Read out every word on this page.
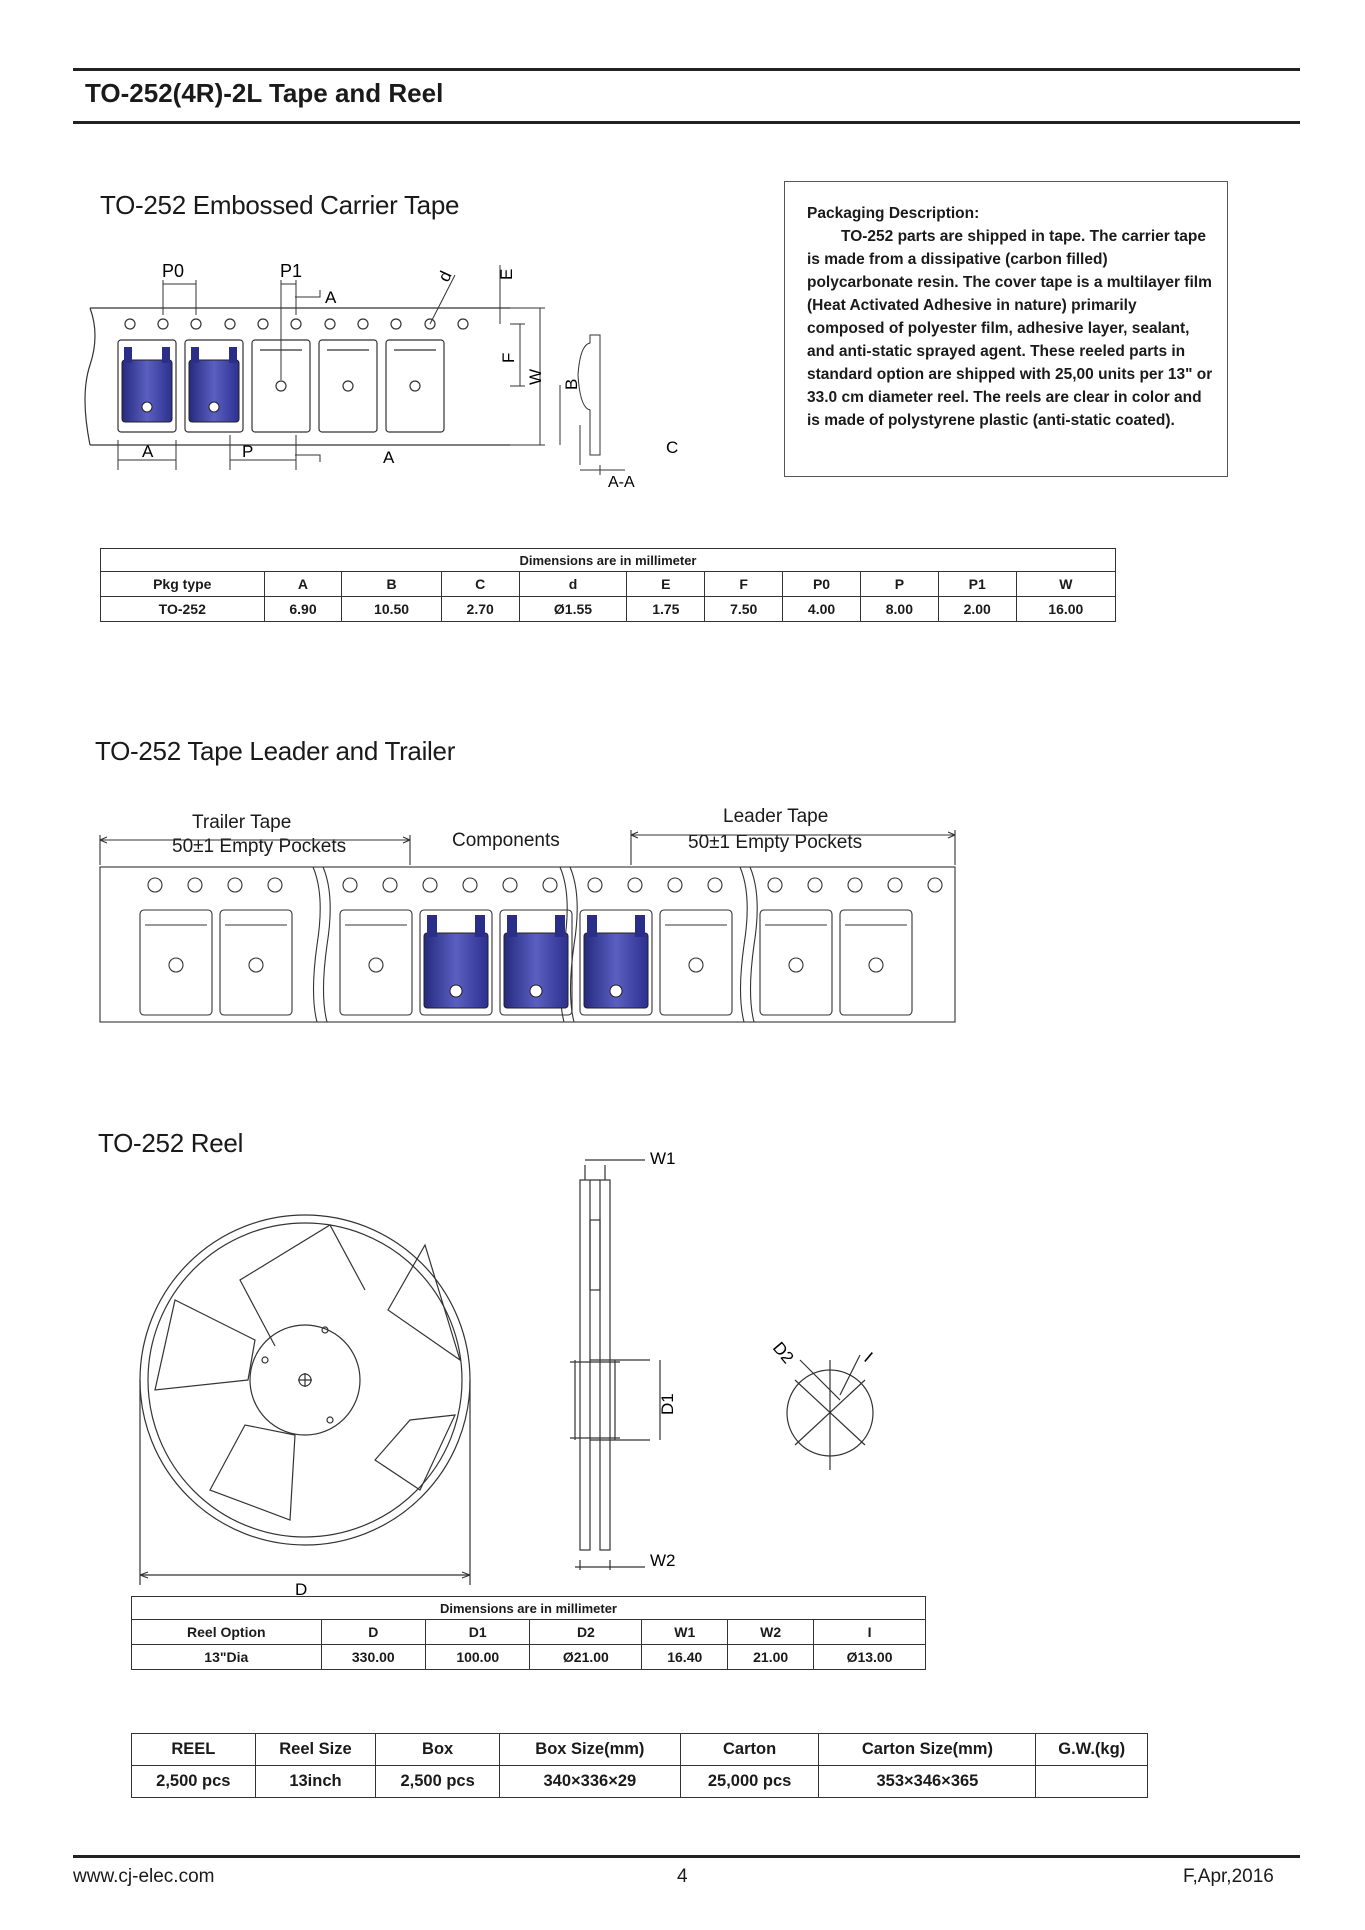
TO-252(4R)-2L Tape and Reel
TO-252 Embossed Carrier Tape
P0	P1	d E
A
F
W B
C
A	P	A
A-A
Packaging Description:
TO-252 parts are shipped in tape. The carrier tape is made from a dissipative (carbon filled) polycarbonate resin. The cover tape is a multilayer film (Heat Activated Adhesive in nature) primarily composed of polyester film, adhesive layer, sealant, and anti-static sprayed agent. These reeled parts in standard option are shipped with 25,00 units per 13" or 33.0 cm diameter reel. The reels are clear in color and is made of polystyrene plastic (anti-static coated).
Dimensions are in millimeter										
Pkg type	A	B	C	d	E	F	P0	P	P1	W
TO-252	6.90	10.50	2.70	Ø1.55	1.75	7.50	4.00	8.00	2.00	16.00
TO-252 Tape Leader and Trailer
Trailer Tape
50±1 Empty Pockets	Components
Leader Tape
50±1 Empty Pockets
TO-252 Reel
D
W1
W2
D1
D2	I
Dimensions are in millimeter						
Reel Option	D	D1	D2	W1	W2	I
13"Dia	330.00	100.00	Ø21.00	16.40	21.00	Ø13.00
REEL	Reel Size	Box	Box Size(mm)	Carton	Carton Size(mm)	G.W.(kg)
2,500 pcs	13inch	2,500 pcs	340×336×29	25,000 pcs	353×346×365	
www.cj-elec.com	4	F,Apr,2016
